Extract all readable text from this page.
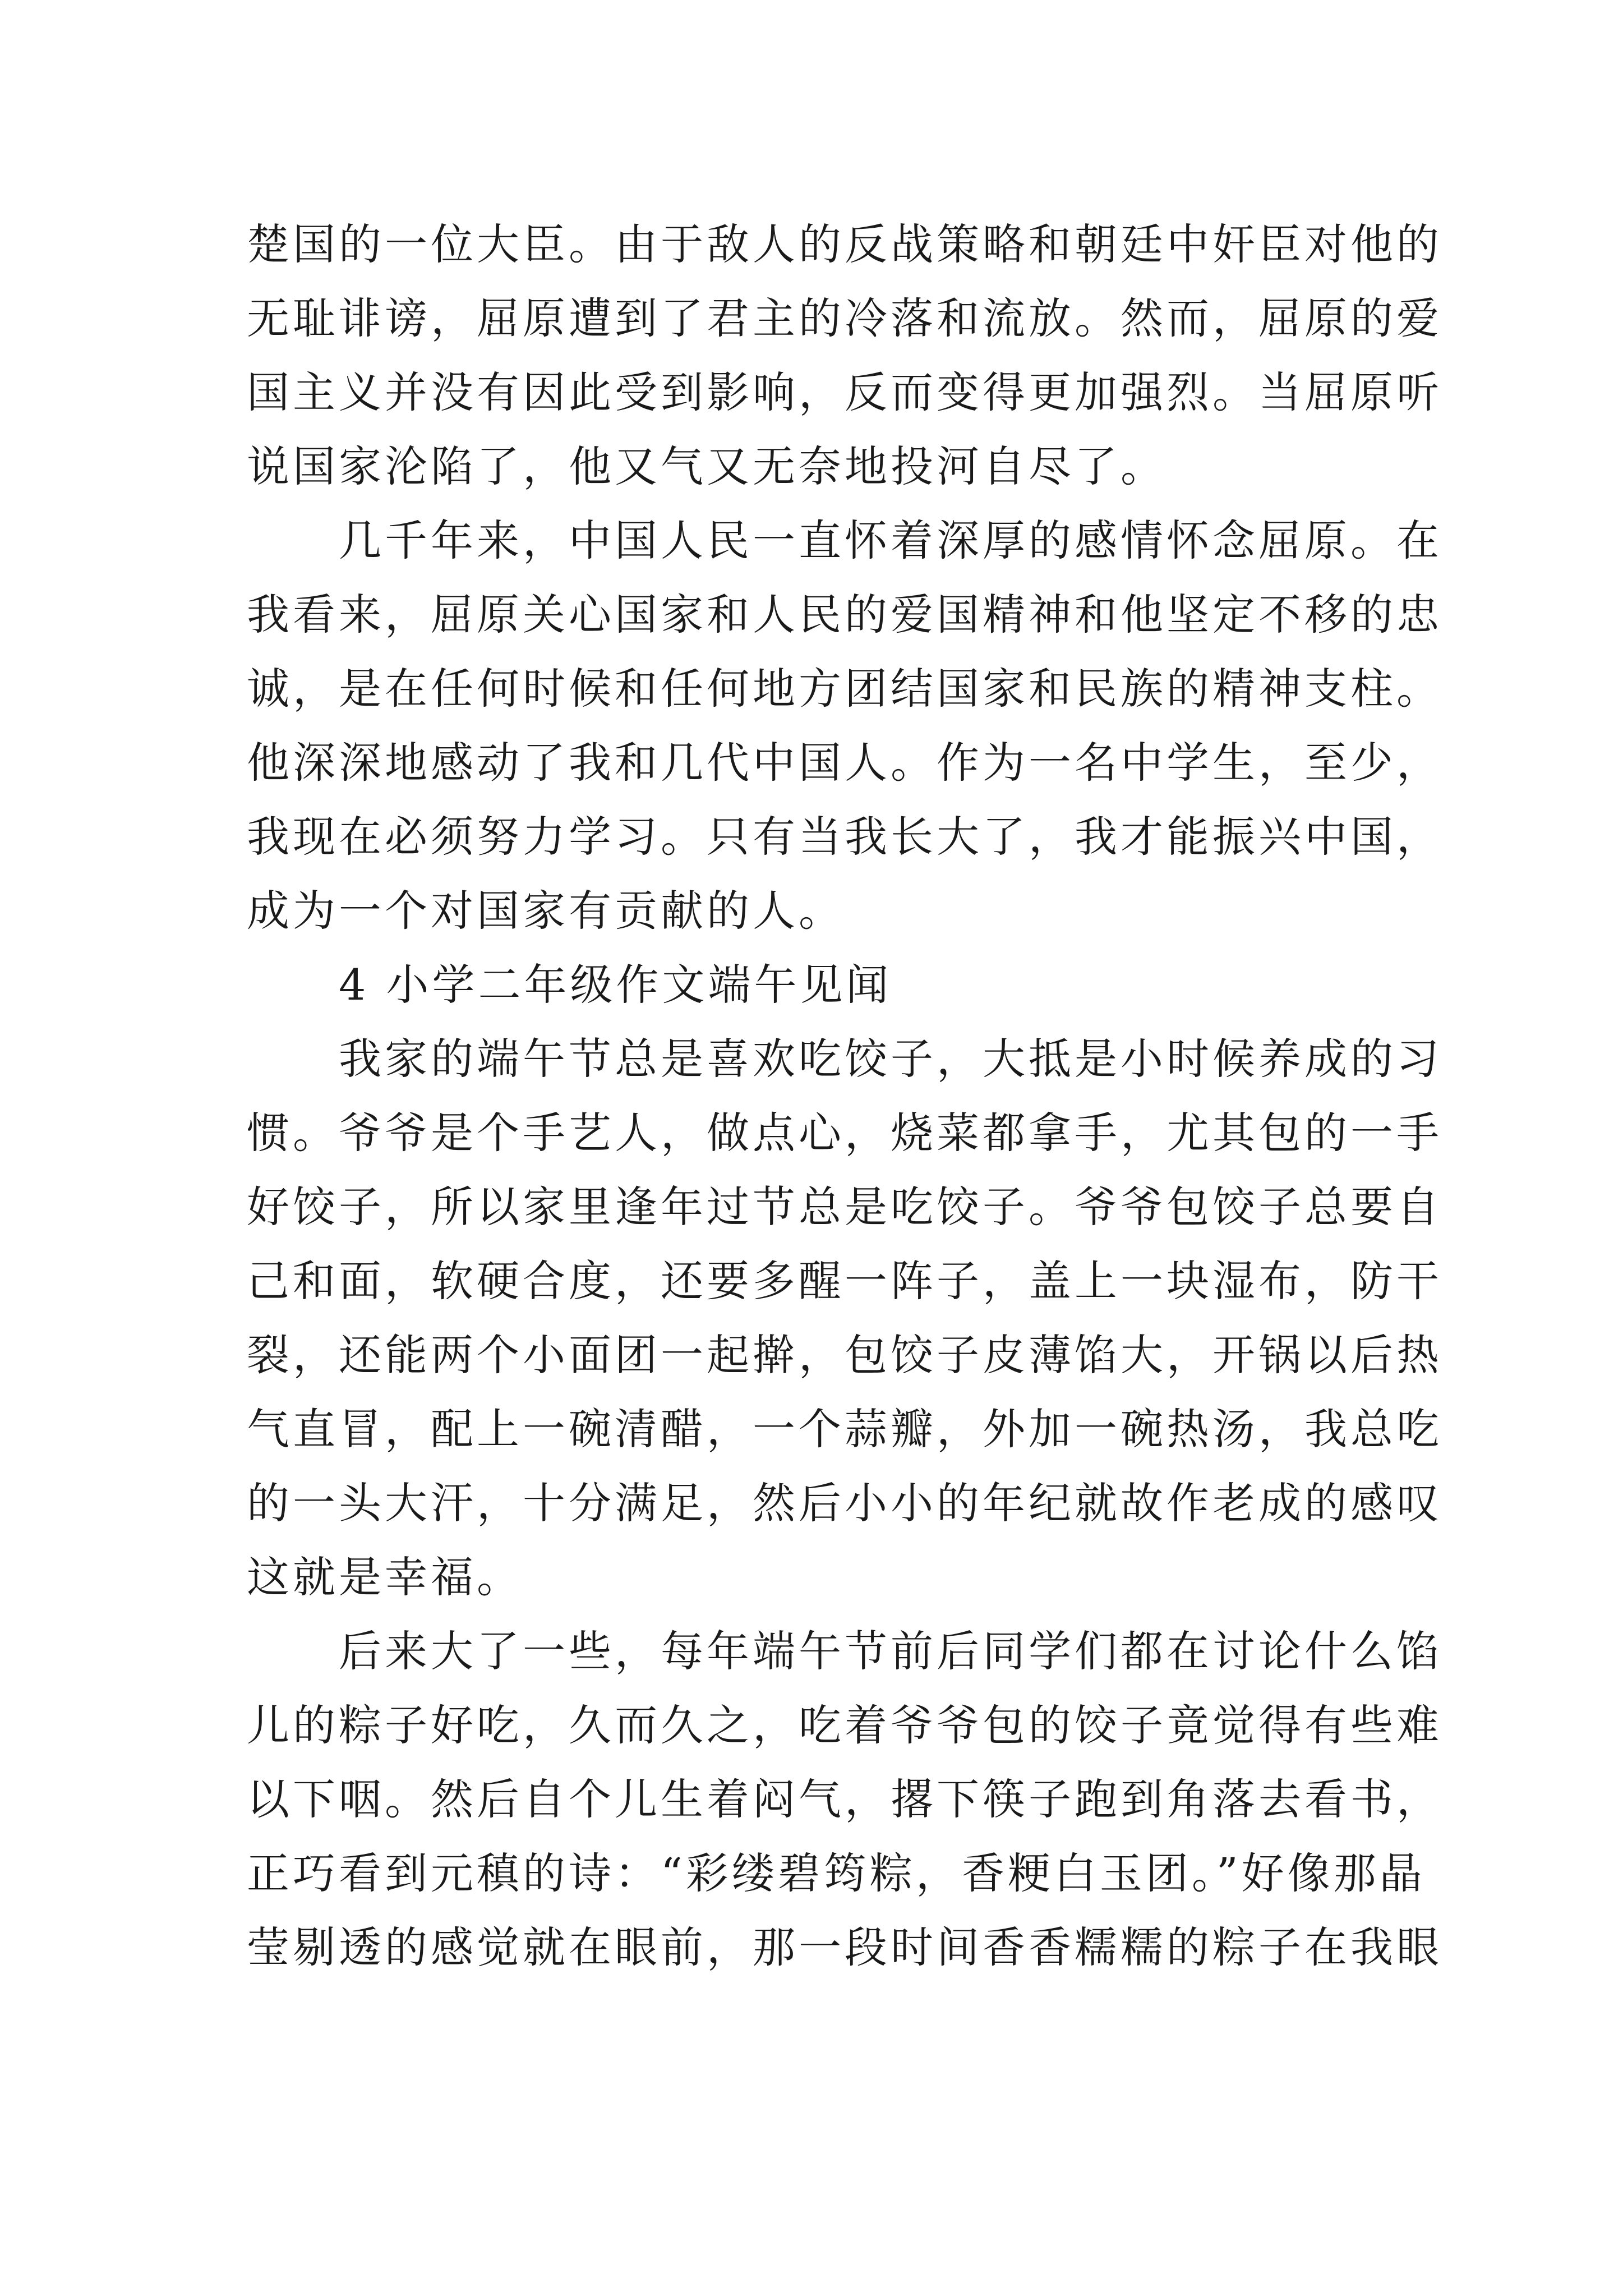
楚国的一位大臣。由于敌人的反战策略和朝廷中奸臣对他的
无耻诽谤，屈原遭到了君主的冷落和流放。然而，屈原的爱
国主义并没有因此受到影响，反而变得更加强烈。当屈原听
说国家沦陷了，他又气又无奈地投河自尽了。
几千年来，中国人民一直怀着深厚的感情怀念屈原。在
我看来，屈原关心国家和人民的爱国精神和他坚定不移的忠
诚，是在任何时候和任何地方团结国家和民族的精神支柱。
他深深地感动了我和几代中国人。作为一名中学生，至少，
我现在必须努力学习。只有当我长大了，我才能振兴中国，
成为一个对国家有贡献的人。
4 小学二年级作文端午见闻
我家的端午节总是喜欢吃饺子，大抵是小时候养成的习
惯。爷爷是个手艺人，做点心，烧菜都拿手，尤其包的一手
好饺子，所以家里逢年过节总是吃饺子。爷爷包饺子总要自
己和面，软硬合度，还要多醒一阵子，盖上一块湿布，防干
裂，还能两个小面团一起擀，包饺子皮薄馅大，开锅以后热
气直冒，配上一碗清醋，一个蒜瓣，外加一碗热汤，我总吃
的一头大汗，十分满足，然后小小的年纪就故作老成的感叹
这就是幸福。
后来大了一些，每年端午节前后同学们都在讨论什么馅
儿的粽子好吃，久而久之，吃着爷爷包的饺子竟觉得有些难
以下咽。然后自个儿生着闷气，撂下筷子跑到角落去看书，
正巧看到元稹的诗：“彩缕碧筠粽，香粳白玉团。”好像那晶
莹剔透的感觉就在眼前，那一段时间香香糯糯的粽子在我眼
